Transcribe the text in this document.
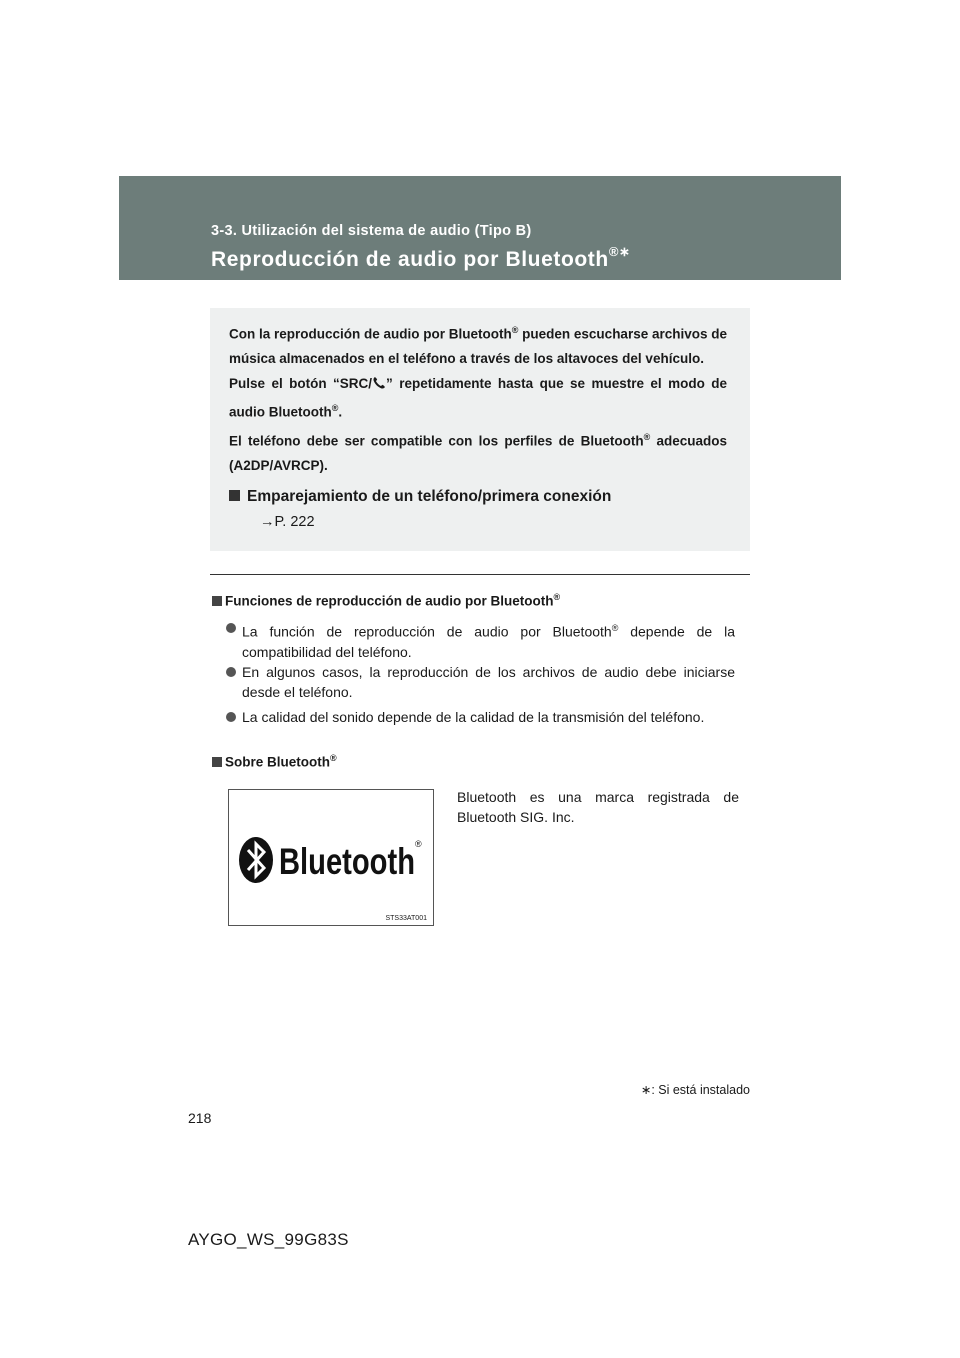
3-3. Utilización del sistema de audio (Tipo B)
Reproducción de audio por Bluetooth®∗

Con la reproducción de audio por Bluetooth® pueden escucharse archivos de música almacenados en el teléfono a través de los altavoces del vehículo.

Pulse el botón “SRC/ ” repetidamente hasta que se muestre el modo de audio Bluetooth®.

El teléfono debe ser compatible con los perfiles de Bluetooth® adecuados (A2DP/AVRCP).

Emparejamiento de un teléfono/primera conexión
→P. 222
Funciones de reproducción de audio por Bluetooth®
La función de reproducción de audio por Bluetooth® depende de la compatibilidad del teléfono.
En algunos casos, la reproducción de los archivos de audio debe iniciarse desde el teléfono.
La calidad del sonido depende de la calidad de la transmisión del teléfono.
Sobre Bluetooth®
Bluetooth ®
STS33AT001
Bluetooth es una marca registrada de Bluetooth SIG. Inc.
∗: Si está instalado
218
AYGO_WS_99G83S
